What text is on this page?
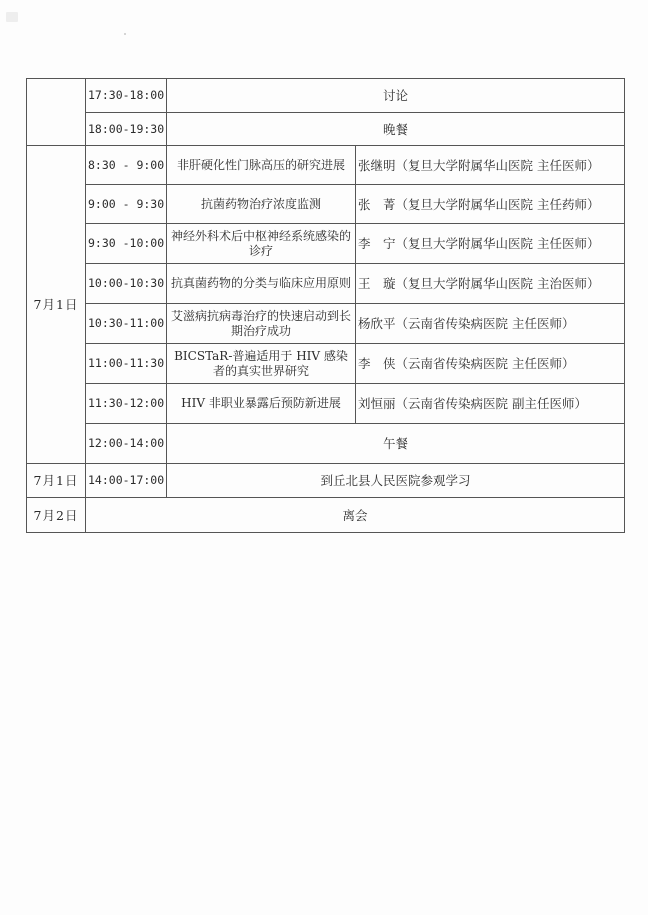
	17:30-18:00	讨论	
	18:00-19:30	晚餐	
7月1日	8:30 - 9:00	非肝硬化性门脉高压的研究进展	张继明（复旦大学附属华山医院 主任医师）
	9:00 - 9:30	抗菌药物治疗浓度监测	张　菁（复旦大学附属华山医院 主任药师）
	9:30 -10:00	神经外科术后中枢神经系统感染的诊疗	李　宁（复旦大学附属华山医院 主任医师）
	10:00-10:30	抗真菌药物的分类与临床应用原则	王　璇（复旦大学附属华山医院 主治医师）
	10:30-11:00	艾滋病抗病毒治疗的快速启动到长期治疗成功	杨欣平（云南省传染病医院 主任医师）
	11:00-11:30	BICSTaR-普遍适用于 HIV 感染者的真实世界研究	李　侠（云南省传染病医院 主任医师）
	11:30-12:00	HIV 非职业暴露后预防新进展	刘恒丽（云南省传染病医院 副主任医师）
	12:00-14:00	午餐	
7月1日	14:00-17:00	到丘北县人民医院参观学习	
7月2日	离会		
